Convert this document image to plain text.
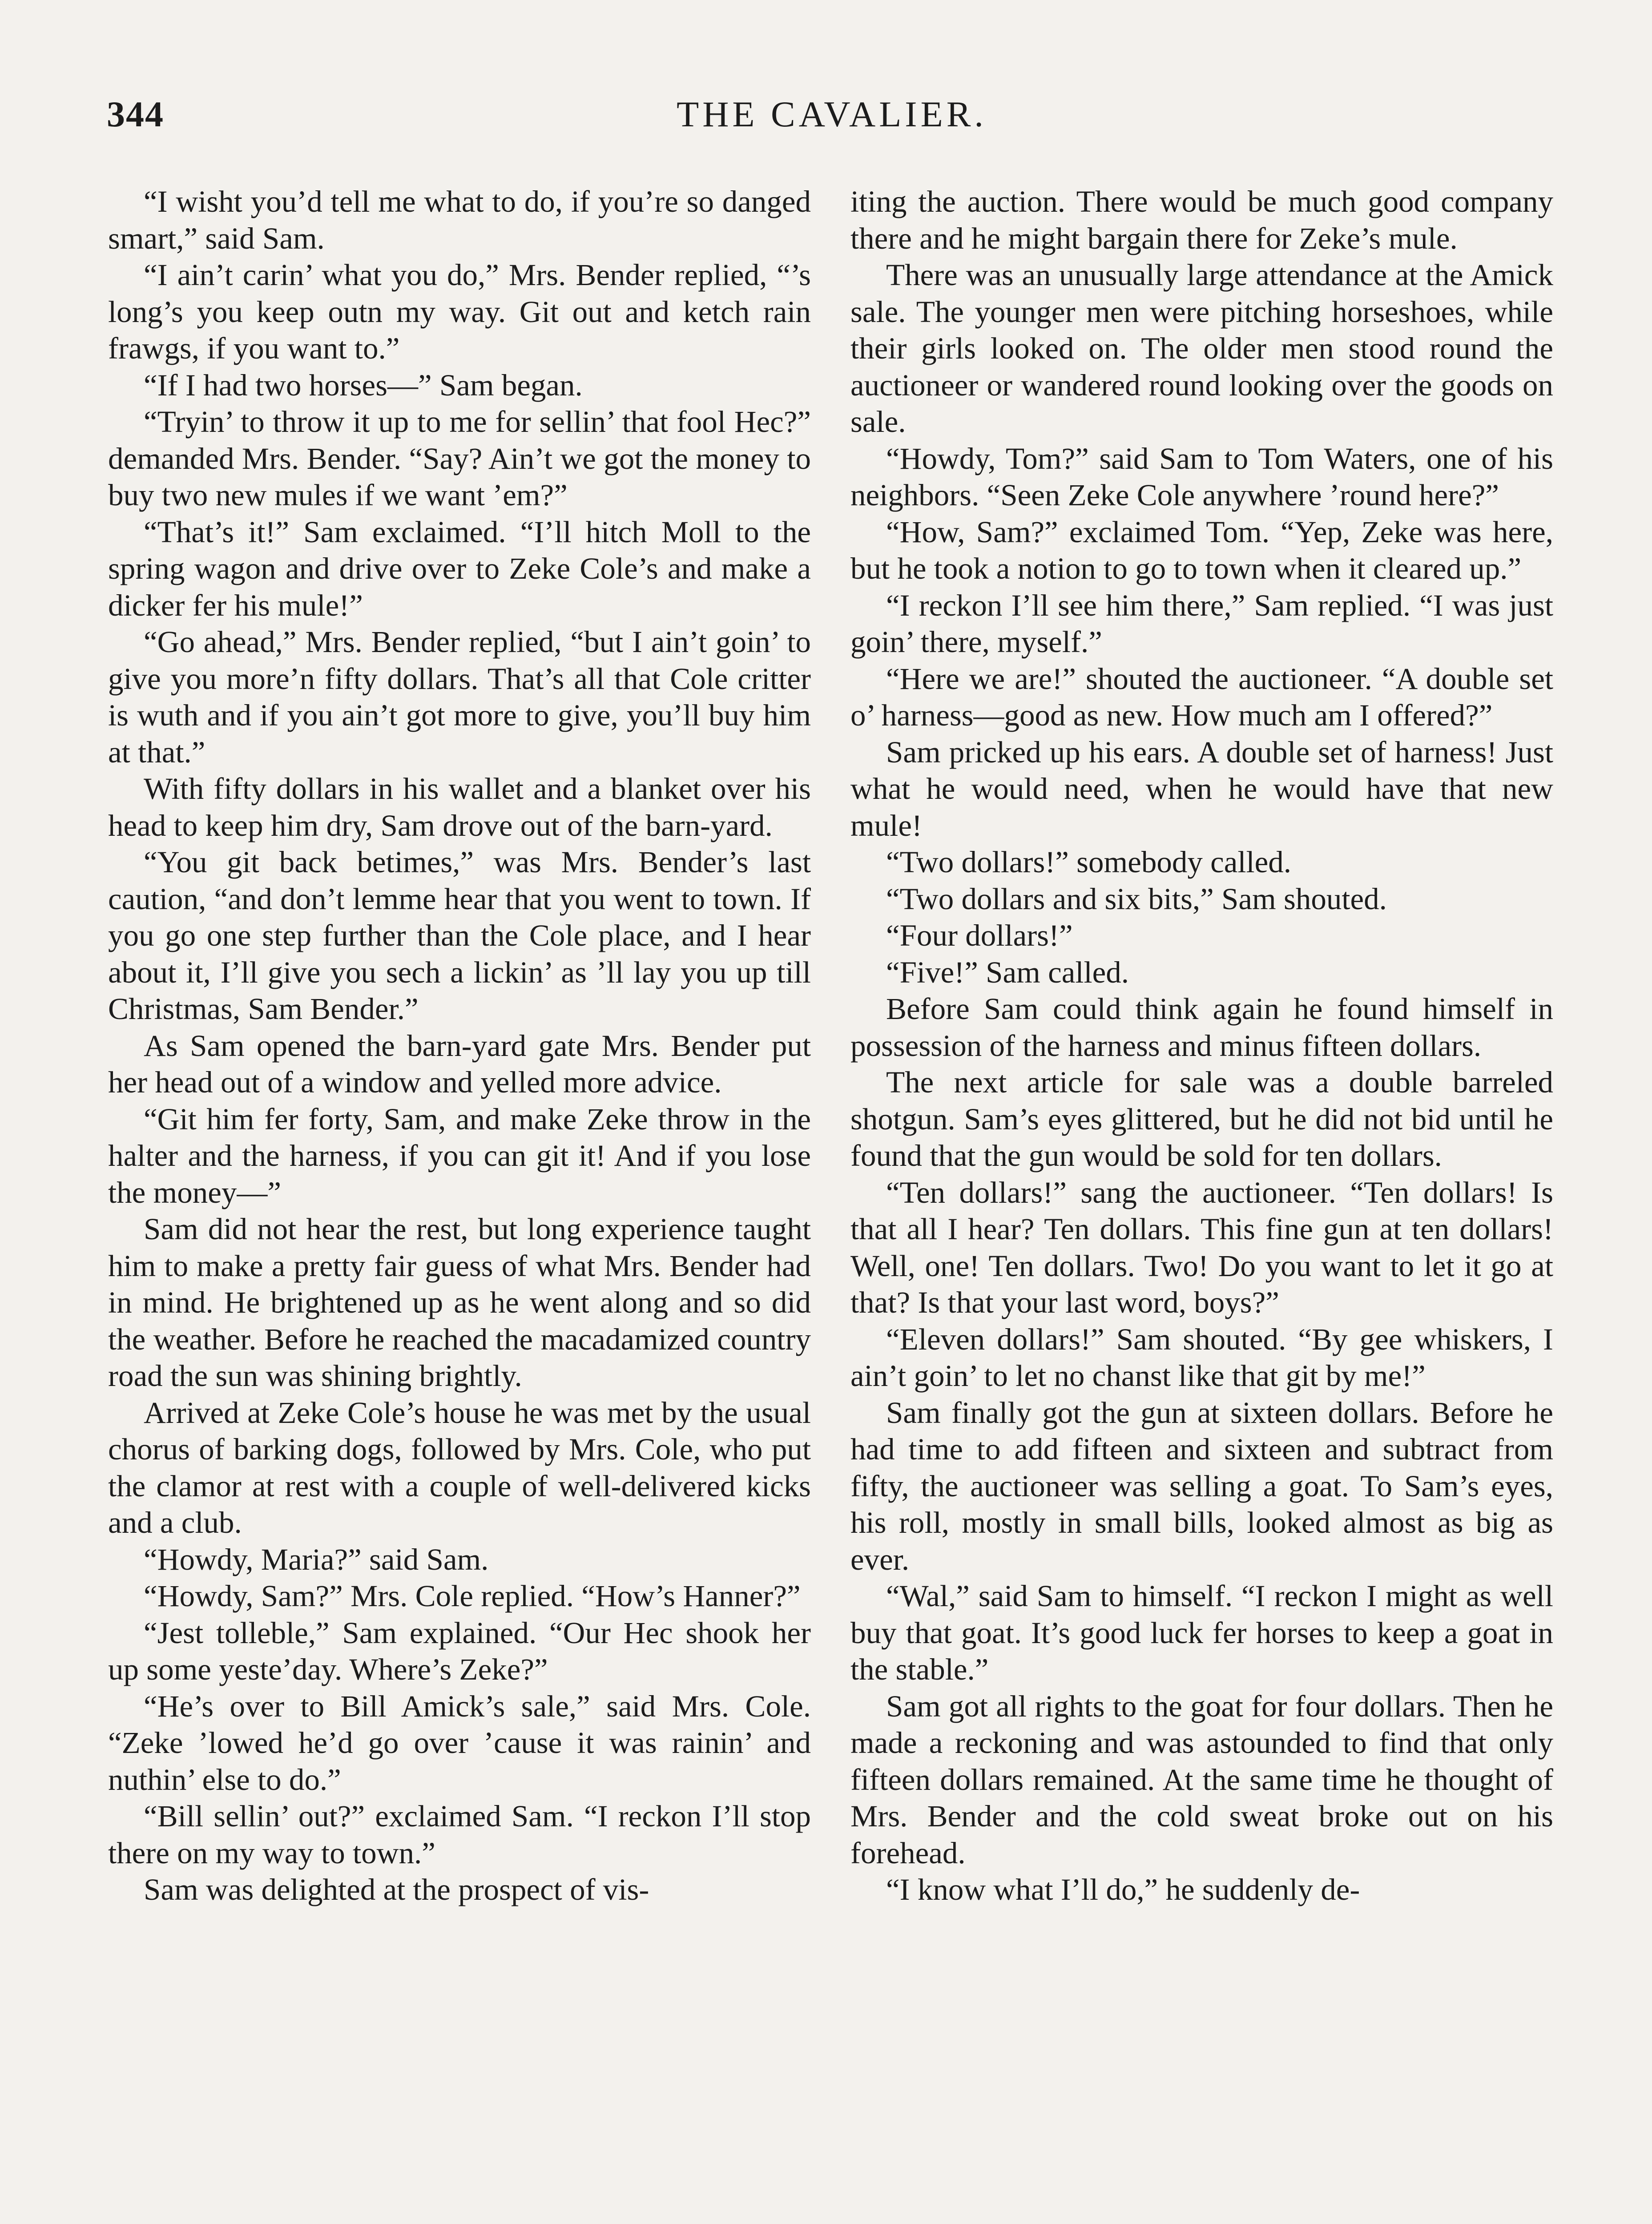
344	THE CAVALIER.

“I wisht you’d tell me what to do, if you’re so danged smart,” said Sam.

“I ain’t carin’ what you do,” Mrs. Bender replied, “’s long’s you keep outn my way. Git out and ketch rain frawgs, if you want to.”

“If I had two horses—” Sam began.

“Tryin’ to throw it up to me for sellin’ that fool Hec?” demanded Mrs. Bender. “Say? Ain’t we got the money to buy two new mules if we want ’em?”

“That’s it!” Sam exclaimed. “I’ll hitch Moll to the spring wagon and drive over to Zeke Cole’s and make a dicker fer his mule!”

“Go ahead,” Mrs. Bender replied, “but I ain’t goin’ to give you more’n fifty dollars. That’s all that Cole critter is wuth and if you ain’t got more to give, you’ll buy him at that.”

With fifty dollars in his wallet and a blanket over his head to keep him dry, Sam drove out of the barn-yard.

“You git back betimes,” was Mrs. Bender’s last caution, “and don’t lemme hear that you went to town. If you go one step further than the Cole place, and I hear about it, I’ll give you sech a lickin’ as ’ll lay you up till Christmas, Sam Bender.”

As Sam opened the barn-yard gate Mrs. Bender put her head out of a window and yelled more advice.

“Git him fer forty, Sam, and make Zeke throw in the halter and the harness, if you can git it! And if you lose the money—”

Sam did not hear the rest, but long experience taught him to make a pretty fair guess of what Mrs. Bender had in mind. He brightened up as he went along and so did the weather. Before he reached the macadamized country road the sun was shining brightly.

Arrived at Zeke Cole’s house he was met by the usual chorus of barking dogs, followed by Mrs. Cole, who put the clamor at rest with a couple of well-delivered kicks and a club.

“Howdy, Maria?” said Sam.

“Howdy, Sam?” Mrs. Cole replied. “How’s Hanner?”

“Jest tolleble,” Sam explained. “Our Hec shook her up some yeste’day. Where’s Zeke?”

“He’s over to Bill Amick’s sale,” said Mrs. Cole. “Zeke ’lowed he’d go over ’cause it was rainin’ and nuthin’ else to do.”

“Bill sellin’ out?” exclaimed Sam. “I reckon I’ll stop there on my way to town.”

Sam was delighted at the prospect of vis-

iting the auction. There would be much good company there and he might bargain there for Zeke’s mule.

There was an unusually large attendance at the Amick sale. The younger men were pitching horseshoes, while their girls looked on. The older men stood round the auctioneer or wandered round looking over the goods on sale.

“Howdy, Tom?” said Sam to Tom Waters, one of his neighbors. “Seen Zeke Cole anywhere ’round here?”

“How, Sam?” exclaimed Tom. “Yep, Zeke was here, but he took a notion to go to town when it cleared up.”

“I reckon I’ll see him there,” Sam replied. “I was just goin’ there, myself.”

“Here we are!” shouted the auctioneer. “A double set o’ harness—good as new. How much am I offered?”

Sam pricked up his ears. A double set of harness! Just what he would need, when he would have that new mule!

“Two dollars!” somebody called.

“Two dollars and six bits,” Sam shouted.

“Four dollars!”

“Five!” Sam called.

Before Sam could think again he found himself in possession of the harness and minus fifteen dollars.

The next article for sale was a double barreled shotgun. Sam’s eyes glittered, but he did not bid until he found that the gun would be sold for ten dollars.

“Ten dollars!” sang the auctioneer. “Ten dollars! Is that all I hear? Ten dollars. This fine gun at ten dollars! Well, one! Ten dollars. Two! Do you want to let it go at that? Is that your last word, boys?”

“Eleven dollars!” Sam shouted. “By gee whiskers, I ain’t goin’ to let no chanst like that git by me!”

Sam finally got the gun at sixteen dollars. Before he had time to add fifteen and sixteen and subtract from fifty, the auctioneer was selling a goat. To Sam’s eyes, his roll, mostly in small bills, looked almost as big as ever.

“Wal,” said Sam to himself. “I reckon I might as well buy that goat. It’s good luck fer horses to keep a goat in the stable.”

Sam got all rights to the goat for four dollars. Then he made a reckoning and was astounded to find that only fifteen dollars remained. At the same time he thought of Mrs. Bender and the cold sweat broke out on his forehead.

“I know what I’ll do,” he suddenly de-
